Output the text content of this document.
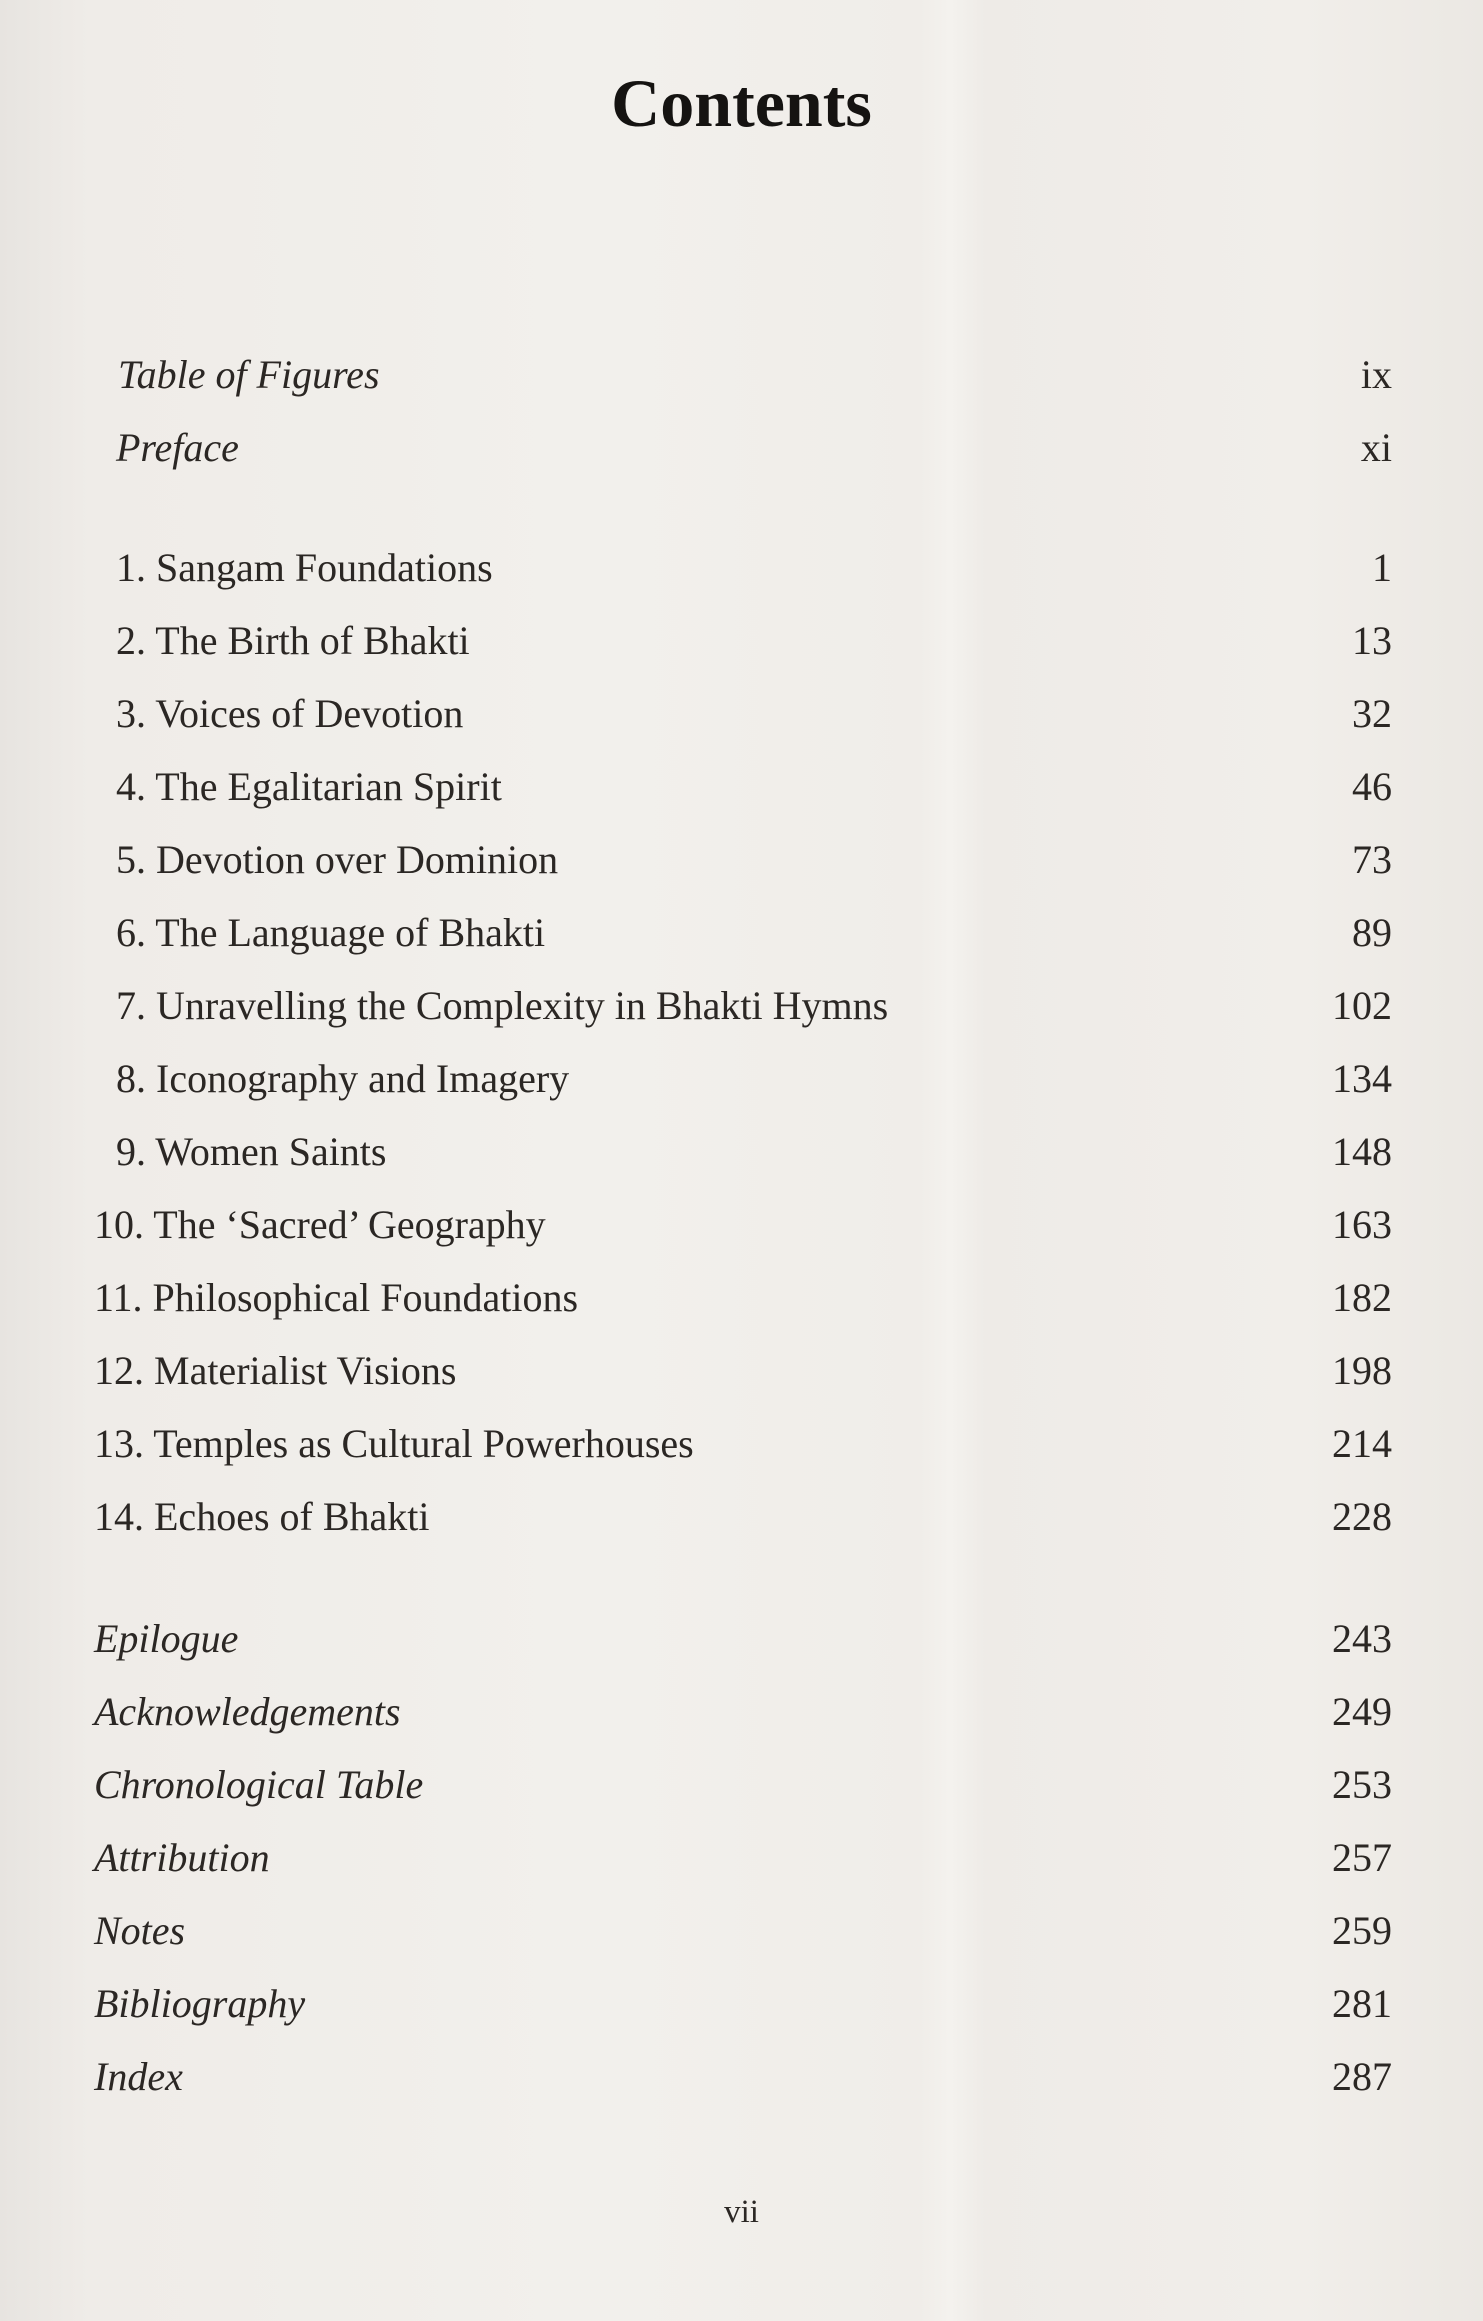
Contents
Table of Figures	ix
Preface	xi
1. Sangam Foundations	1
2. The Birth of Bhakti	13
3. Voices of Devotion	32
4. The Egalitarian Spirit	46
5. Devotion over Dominion	73
6. The Language of Bhakti	89
7. Unravelling the Complexity in Bhakti Hymns	102
8. Iconography and Imagery	134
9. Women Saints	148
10. The ‘Sacred’ Geography	163
11. Philosophical Foundations	182
12. Materialist Visions	198
13. Temples as Cultural Powerhouses	214
14. Echoes of Bhakti	228
Epilogue	243
Acknowledgements	249
Chronological Table	253
Attribution	257
Notes	259
Bibliography	281
Index	287
vii
